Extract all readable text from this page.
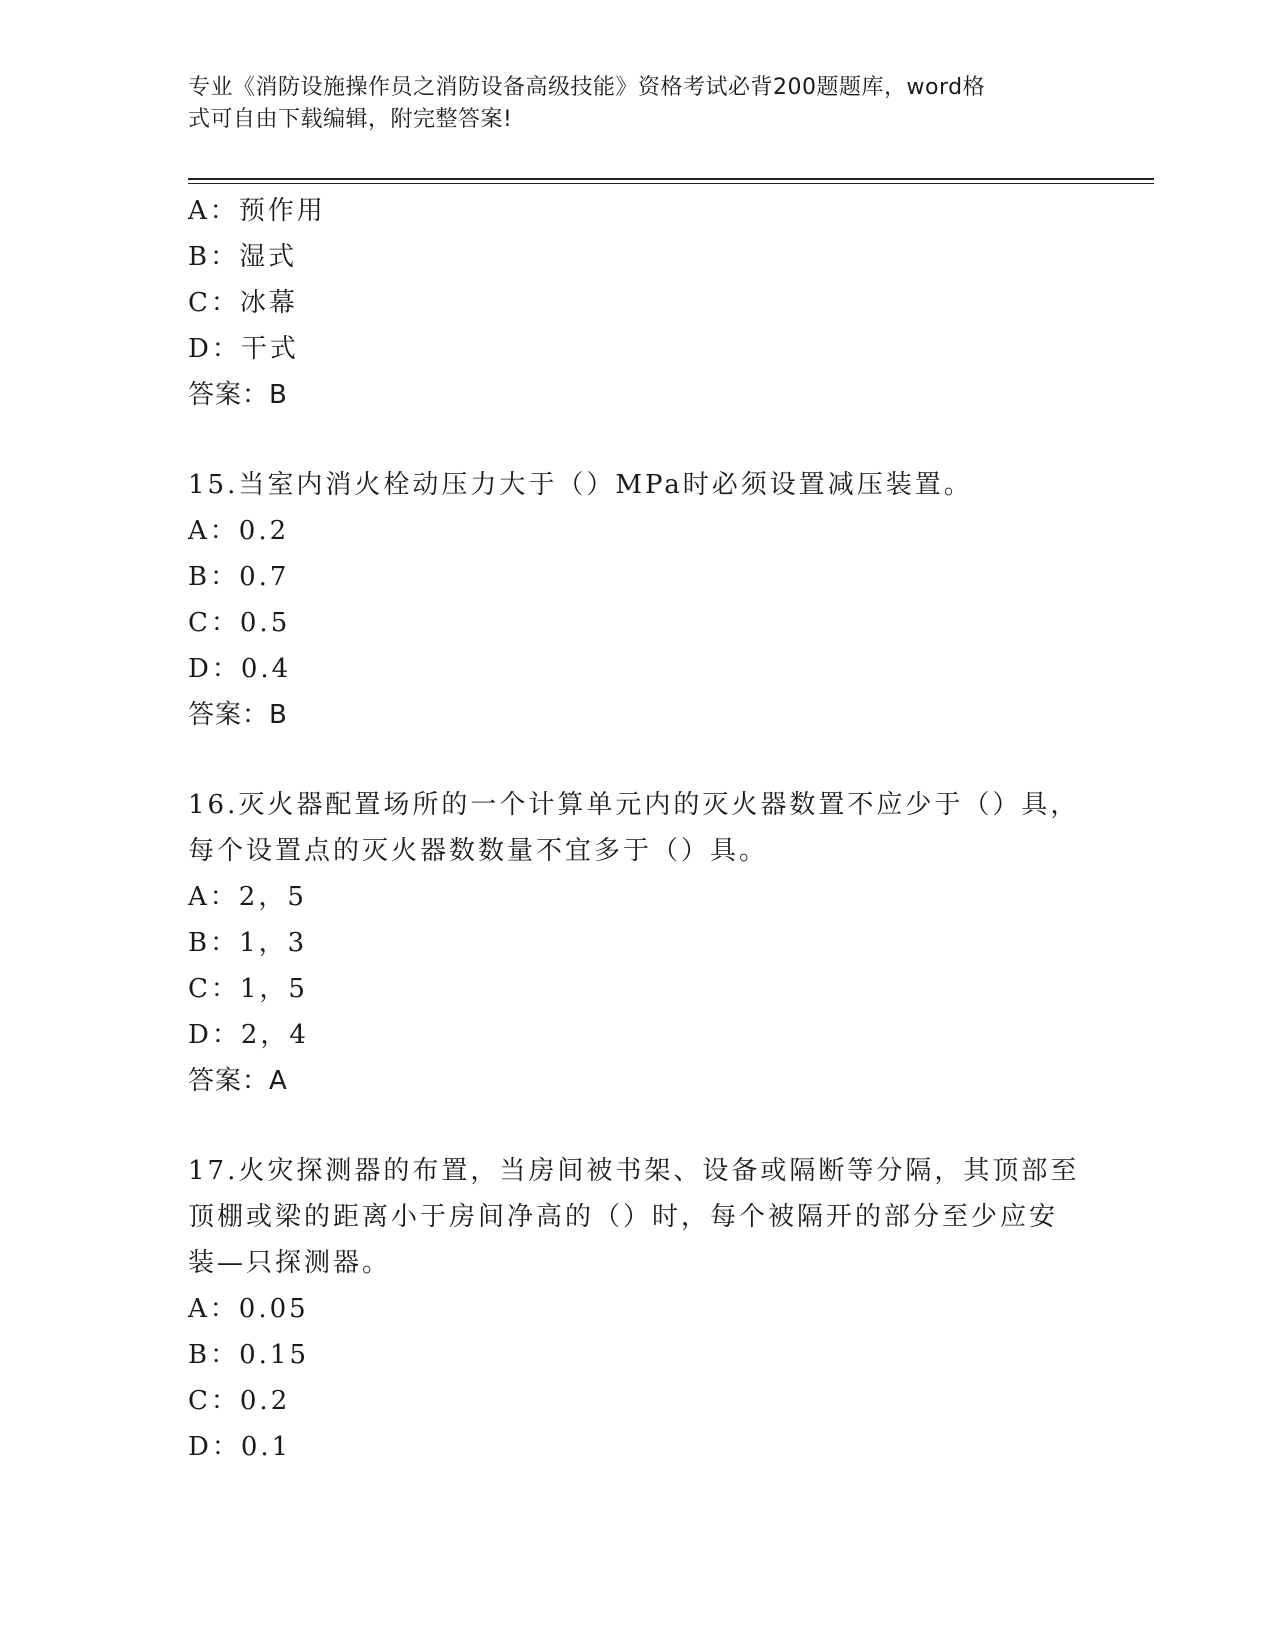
专业《消防设施操作员之消防设备高级技能》资格考试必背200题题库，word格
式可自由下载编辑，附完整答案!
A：预作用
B：湿式
C：冰幕
D：干式
答案：B
15.当室内消火栓动压力大于（）MPa时必须设置减压装置。
A：0.2
B：0.7
C：0.5
D：0.4
答案：B
16.灭火器配置场所的一个计算单元内的灭火器数置不应少于（）具，
每个设置点的灭火器数数量不宜多于（）具。
A：2，5
B：1，3
C：1，5
D：2，4
答案：A
17.火灾探测器的布置，当房间被书架、设备或隔断等分隔，其顶部至
顶棚或梁的距离小于房间净高的（）时，每个被隔开的部分至少应安
装—只探测器。
A：0.05
B：0.15
C：0.2
D：0.1
